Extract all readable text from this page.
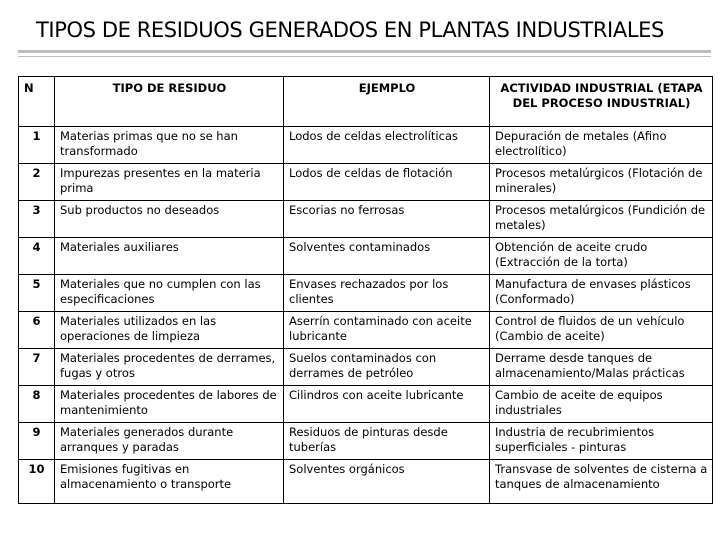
TIPOS DE RESIDUOS GENERADOS EN PLANTAS INDUSTRIALES
N	TIPO DE RESIDUO	EJEMPLO	ACTIVIDAD INDUSTRIAL (ETAPA DEL PROCESO INDUSTRIAL)
1	Materias primas que no se han transformado	Lodos de celdas electrolíticas	Depuración de metales (Afino electrolítico)
2	Impurezas presentes en la materia prima	Lodos de celdas de flotación	Procesos metalúrgicos (Flotación de minerales)
3	Sub productos no deseados	Escorias no ferrosas	Procesos metalúrgicos (Fundición de metales)
4	Materiales auxiliares	Solventes contaminados	Obtención de aceite crudo (Extracción de la torta)
5	Materiales que no cumplen con las especificaciones	Envases rechazados por los clientes	Manufactura de envases plásticos (Conformado)
6	Materiales utilizados en las operaciones de limpieza	Aserrín contaminado con aceite lubricante	Control de fluidos de un vehículo (Cambio de aceite)
7	Materiales procedentes de derrames, fugas y otros	Suelos contaminados con derrames de petróleo	Derrame desde tanques de almacenamiento/Malas prácticas
8	Materiales procedentes de labores de mantenimiento	Cilindros con aceite lubricante	Cambio de aceite de equipos industriales
9	Materiales generados durante arranques y paradas	Residuos de pinturas desde tuberías	Industria de recubrimientos superficiales - pinturas
10	Emisiones fugitivas en almacenamiento o transporte	Solventes orgánicos	Transvase de solventes de cisterna a tanques de almacenamiento
